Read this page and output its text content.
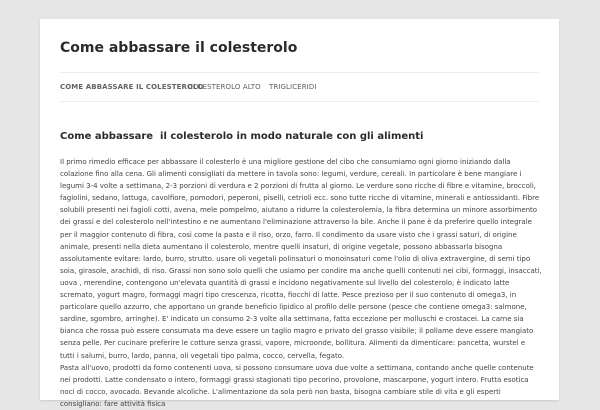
Come abbassare il colesterolo
COME ABBASSARE IL COLESTEROLO
COLESTEROLO ALTO TRIGLICERIDI
Come abbassare  il colesterolo in modo naturale con gli alimenti

Il primo rimedio efficace per abbassare il colesterlo è una migliore gestione del cibo che consumiamo ogni giorno iniziando dalla colazione fino alla cena. Gli alimenti consigliati da mettere in tavola sono: legumi, verdure, cereali. In particolare è bene mangiare i legumi 3-4 volte a settimana, 2-3 porzioni di verdura e 2 porzioni di frutta al giorno. Le verdure sono ricche di fibre e vitamine, broccoli, fagiolini, sedano, lattuga, cavolfiore, pomodori, peperoni, piselli, cetrioli ecc. sono tutte ricche di vitamine, minerali e antiossidanti. Fibre solubili presenti nei fagioli cotti, avena, mele pompelmo, aiutano a ridurre la colesterolemia, la fibra determina un minore assorbimento dei grassi e del colesterolo nell'intestino e ne aumentano l'eliminazione attraverso la bile. Anche il pane è da preferire quello integrale per il maggior contenuto di fibra, così come la pasta e il riso, orzo, farro. Il condimento da usare visto che i grassi saturi, di origine animale, presenti nella dieta aumentano il colesterolo, mentre quelli insaturi, di origine vegetale, possono abbassarla bisogna assolutamente evitare: lardo, burro, strutto. usare oli vegetali polinsaturi o monoinsaturi come l'olio di oliva extravergine, di semi tipo soia, girasole, arachidi, di riso. Grassi non sono solo quelli che usiamo per condire ma anche quelli contenuti nei cibi, formaggi, insaccati, uova , merendine, contengono un'elevata quantità di grassi e incidono negativamente sul livello del colesterolo; è indicato latte scremato, yogurt magro, formaggi magri tipo crescenza, ricotta, fiocchi di latte. Pesce prezioso per il suo contenuto di omega3, in particolare quello azzurro, che apportano un grande beneficio lipidico al profilo delle persone (pesce che contiene omega3: salmone, sardine, sgombro, arringhe). E' indicato un consumo 2-3 volte alla settimana, fatta eccezione per molluschi e crostacei. La carne sia bianca che rossa può essere consumata ma deve essere un taglio magro e privato del grasso visibile; il pollame deve essere mangiato senza pelle. Per cucinare preferire le cotture senza grassi, vapore, microonde, bollitura. Alimenti da dimenticare: pancetta, wurstel e tutti i salumi, burro, lardo, panna, oli vegetali tipo palma, cocco, cervella, fegato.

Pasta all'uovo, prodotti da forno contenenti uova, si possono consumare uova due volte a settimana, contando anche quelle contenute nei prodotti. Latte condensato o intero, formaggi grassi stagionati tipo pecorino, provolone, mascarpone, yogurt intero. Frutta esotica noci di cocco, avocado. Bevande alcoliche. L'alimentazione da sola però non basta, bisogna cambiare stile di vita e gli esperti consigliano: fare attività fisica
